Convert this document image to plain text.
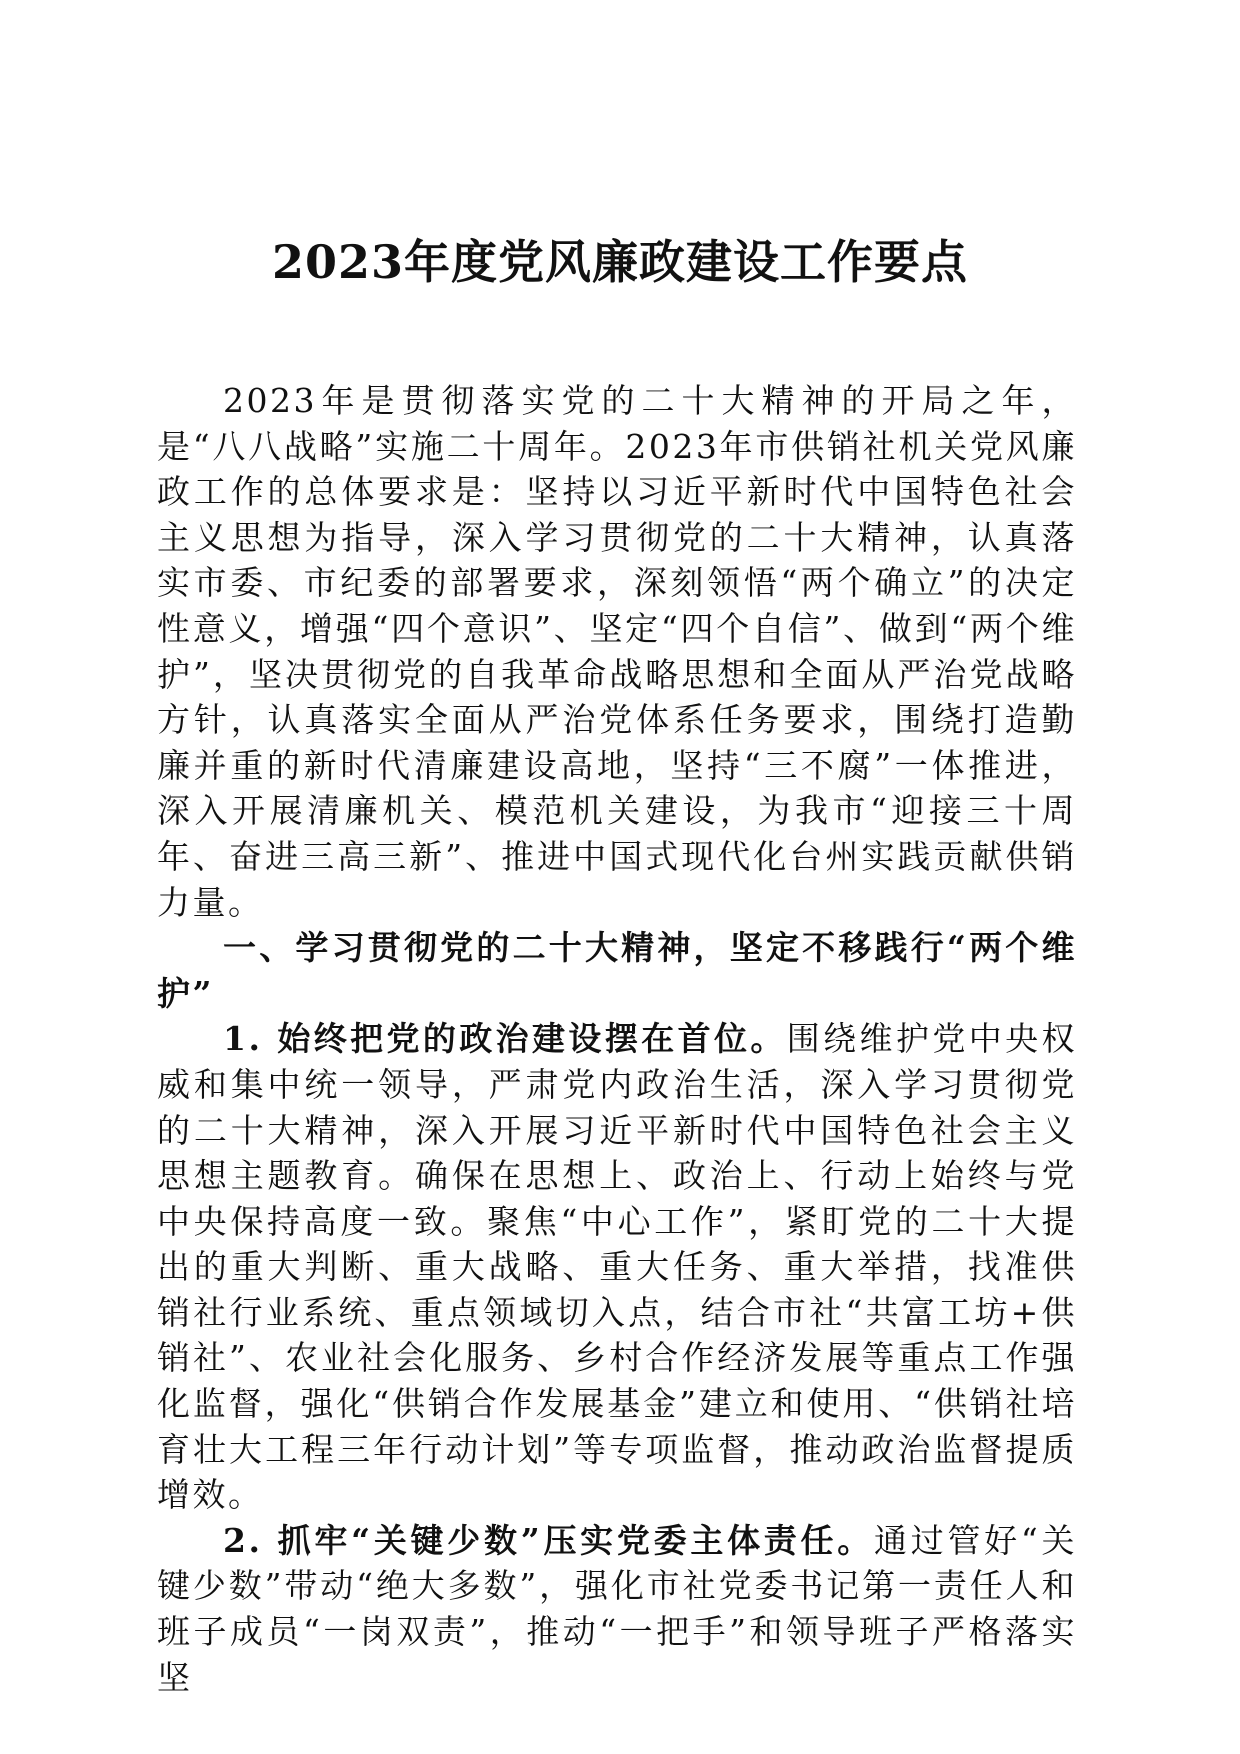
2023年度党风廉政建设工作要点

2023年是贯彻落实党的二十大精神的开局之年，是“八八战略”实施二十周年。2023年市供销社机关党风廉政工作的总体要求是：坚持以习近平新时代中国特色社会主义思想为指导，深入学习贯彻党的二十大精神，认真落实市委、市纪委的部署要求，深刻领悟“两个确立”的决定性意义，增强“四个意识”、坚定“四个自信”、做到“两个维护”，坚决贯彻党的自我革命战略思想和全面从严治党战略方针，认真落实全面从严治党体系任务要求，围绕打造勤廉并重的新时代清廉建设高地，坚持“三不腐”一体推进，深入开展清廉机关、模范机关建设，为我市“迎接三十周年、奋进三高三新”、推进中国式现代化台州实践贡献供销力量。

一、学习贯彻党的二十大精神，坚定不移践行“两个维护”

1. 始终把党的政治建设摆在首位。围绕维护党中央权威和集中统一领导，严肃党内政治生活，深入学习贯彻党的二十大精神，深入开展习近平新时代中国特色社会主义思想主题教育。确保在思想上、政治上、行动上始终与党中央保持高度一致。聚焦“中心工作”，紧盯党的二十大提出的重大判断、重大战略、重大任务、重大举措，找准供销社行业系统、重点领域切入点，结合市社“共富工坊+供销社”、农业社会化服务、乡村合作经济发展等重点工作强化监督，强化“供销合作发展基金”建立和使用、“供销社培育壮大工程三年行动计划”等专项监督，推动政治监督提质增效。

2. 抓牢“关键少数”压实党委主体责任。通过管好“关键少数”带动“绝大多数”，强化市社党委书记第一责任人和班子成员“一岗双责”，推动“一把手”和领导班子严格落实坚
